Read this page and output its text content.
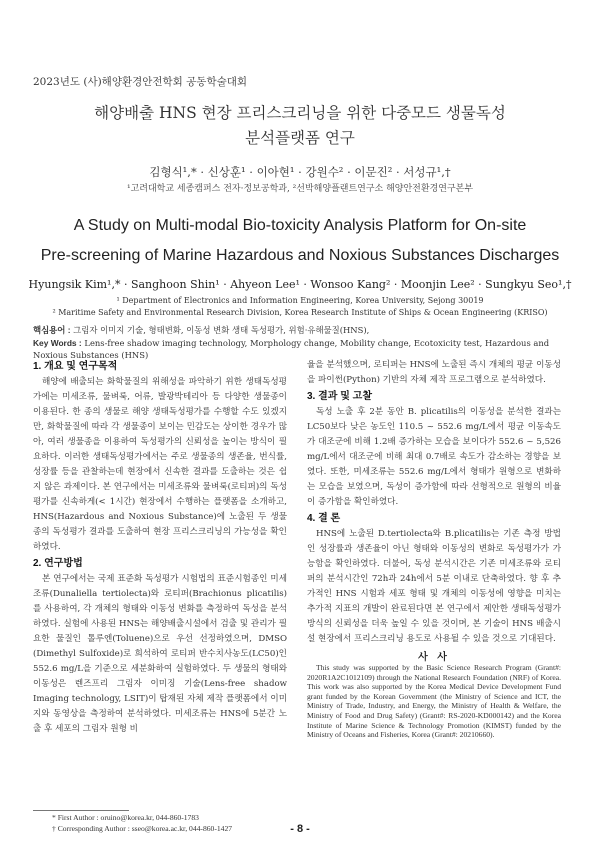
2023년도 (사)해양환경안전학회 공동학술대회
해양배출 HNS 현장 프리스크리닝을 위한 다중모드 생물독성
분석플랫폼 연구
김형식¹,* · 신상훈¹ · 이아현¹ · 강원수² · 이문진² · 서성규¹,†
¹고려대학교 세종캠퍼스 전자·정보공학과, ²선박해양플랜트연구소 해양안전환경연구본부
A Study on Multi-modal Bio-toxicity Analysis Platform for On-site
Pre-screening of Marine Hazardous and Noxious Substances Discharges
Hyungsik Kim¹,* · Sanghoon Shin¹ · Ahyeon Lee¹ · Wonsoo Kang² · Moonjin Lee² · Sungkyu Seo¹,†
¹ Department of Electronics and Information Engineering, Korea University, Sejong 30019
² Maritime Safety and Environmental Research Division, Korea Research Institute of Ships & Ocean Engineering (KRISO)
핵심용어 : 그림자 이미지 기술, 형태변화, 이동성 변화 생태 독성평가, 위험·유해물질(HNS),
Key Words : Lens-free shadow imaging technology, Morphology change, Mobility change, Ecotoxicity test, Hazardous and Noxious Substances (HNS)
1. 개요 및 연구목적

해양에 배출되는 화학물질의 위해성을 파악하기 위한 생태독성평가에는 미세조류, 물벼룩, 어류, 발광박테리아 등 다양한 생물종이 이용된다. 한 종의 생물로 해양 생태독성평가를 수행할 수도 있겠지만, 화학물질에 따라 각 생물종이 보이는 민감도는 상이한 경우가 많아, 여러 생물종을 이용하여 독성평가의 신뢰성을 높이는 방식이 필요하다. 이러한 생태독성평가에서는 주로 생물종의 생존율, 번식률, 성장률 등을 관찰하는데 현장에서 신속한 결과를 도출하는 것은 쉽지 않은 과제이다. 본 연구에서는 미세조류와 물벼룩(로티퍼)의 독성평가를 신속하게(< 1시간) 현장에서 수행하는 플랫폼을 소개하고, HNS(Hazardous and Noxious Substance)에 노출된 두 생물 종의 독성평가 결과를 도출하여 현장 프리스크리닝의 가능성을 확인하였다.

2. 연구방법

본 연구에서는 국제 표준화 독성평가 시험법의 표준시험종인 미세조류(Dunaliella tertiolecta)와 로티퍼(Brachionus plicatilis)를 사용하여, 각 개체의 형태와 이동성 변화를 측정하여 독성을 분석하였다. 실험에 사용된 HNS는 해양배출시설에서 검출 및 관리가 필요한 물질인 톨루엔(Toluene)으로 우선 선정하였으며, DMSO (Dimethyl Sulfoxide)로 희석하여 로티퍼 반수치사농도(LC50)인 552.6 mg/L을 기준으로 세분화하여 실험하였다. 두 생물의 형태와 이동성은 렌즈프리 그림자 이미징 기술(Lens-free shadow Imaging technology, LSIT)이 탑재된 자체 제작 플랫폼에서 이미지와 동영상을 측정하여 분석하였다. 미세조류는 HNS에 5분간 노출 후 세포의 그림자 원형 비

율을 분석했으며, 로티퍼는 HNS에 노출된 즉시 개체의 평균 이동성을 파이썬(Python) 기반의 자체 제작 프로그램으로 분석하였다.

3. 결과 및 고찰

독성 노출 후 2분 동안 B. plicatilis의 이동성을 분석한 결과는 LC50보다 낮은 농도인 110.5 ~ 552.6 mg/L에서 평균 이동속도가 대조군에 비해 1.2배 증가하는 모습을 보이다가 552.6 ~ 5,526 mg/L에서 대조군에 비해 최대 0.7배로 속도가 감소하는 경향을 보였다. 또한, 미세조류는 552.6 mg/L에서 형태가 원형으로 변화하는 모습을 보였으며, 독성이 증가함에 따라 선형적으로 원형의 비율이 증가함을 확인하였다.

4. 결 론

HNS에 노출된 D.tertiolecta와 B.plicatilis는 기존 측정 방법인 성장률과 생존율이 아닌 형태와 이동성의 변화로 독성평가가 가능함을 확인하였다. 더불어, 독성 분석시간은 기존 미세조류와 로티퍼의 분석시간인 72h과 24h에서 5분 이내로 단축하였다. 향 후 추가적인 HNS 시험과 세포 형태 및 개체의 이동성에 영향을 미치는 추가적 지표의 개발이 완료된다면 본 연구에서 제안한 생태독성평가 방식의 신뢰성을 더욱 높일 수 있을 것이며, 본 기술이 HNS 배출시설 현장에서 프리스크리닝 용도로 사용될 수 있을 것으로 기대된다.

사 사

This study was supported by the Basic Science Research Program (Grant#: 2020R1A2C1012109) through the National Research Foundation (NRF) of Korea. This work was also supported by the Korea Medical Device Development Fund grant funded by the Korean Government (the Ministry of Science and ICT, the Ministry of Trade, Industry, and Energy, the Ministry of Health & Welfare, the Ministry of Food and Drug Safety) (Grant#: RS-2020-KD000142) and the Korea Institute of Marine Science & Technology Promotion (KIMST) funded by the Ministry of Oceans and Fisheries, Korea (Grant#: 20210660).

* First Author : oruino@korea.kr, 044-860-1783
† Corresponding Author : sseo@korea.ac.kr, 044-860-1427	- 8 -
